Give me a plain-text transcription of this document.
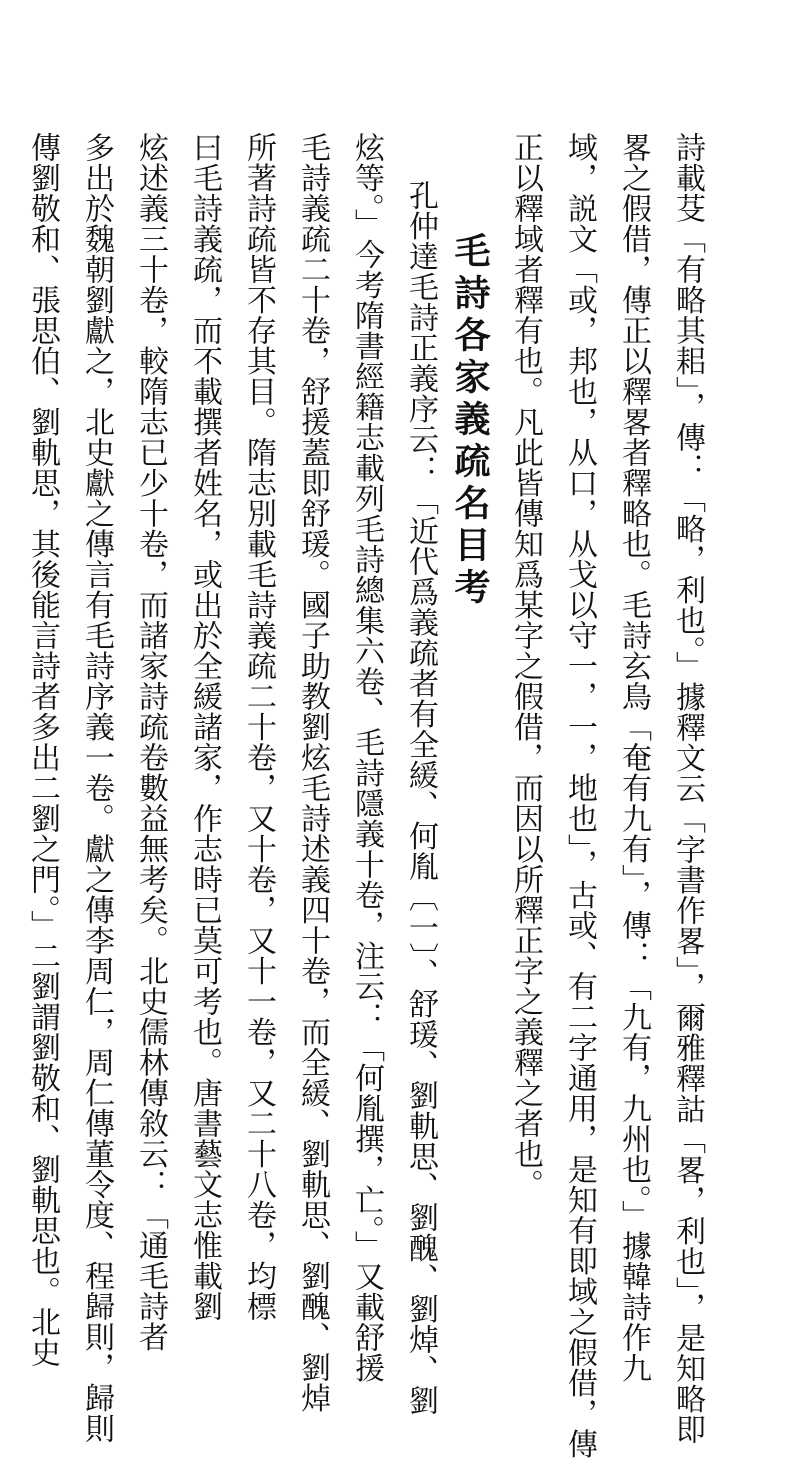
詩載芟「有略其耜」，傳：「略，利也。」據釋文云「字書作畧」，爾雅釋詁「畧，利也」，是知略即
畧之假借，傳正以釋畧者釋略也。毛詩玄鳥「奄有九有」，傳：「九有，九州也。」據韓詩作九
域，説文「或，邦也，从口，从戈以守一，一，地也」，古或、有二字通用，是知有即域之假借，傳
正以釋域者釋有也。凡此皆傳知爲某字之假借，而因以所釋正字之義釋之者也。
毛詩各家義疏名目考
孔仲達毛詩正義序云：「近代爲義疏者有全緩、何胤〔一〕、舒瑗、劉軌思、劉醜、劉焯、劉
炫等。」今考隋書經籍志載列毛詩總集六卷、毛詩隱義十卷，注云：「何胤撰，亡。」又載舒援
毛詩義疏二十卷，舒援蓋即舒瑗。國子助教劉炫毛詩述義四十卷，而全緩、劉軌思、劉醜、劉焯
所著詩疏皆不存其目。隋志別載毛詩義疏二十卷，又十卷，又十一卷，又二十八卷，均標
曰毛詩義疏，而不載撰者姓名，或出於全緩諸家，作志時已莫可考也。唐書藝文志惟載劉
炫述義三十卷，較隋志已少十卷，而諸家詩疏卷數益無考矣。北史儒林傳敘云：「通毛詩者
多出於魏朝劉獻之，北史獻之傳言有毛詩序義一卷。獻之傳李周仁，周仁傳董令度、程歸則，歸則
傳劉敬和、張思伯、劉軌思，其後能言詩者多出二劉之門。」二劉謂劉敬和、劉軌思也。北史
